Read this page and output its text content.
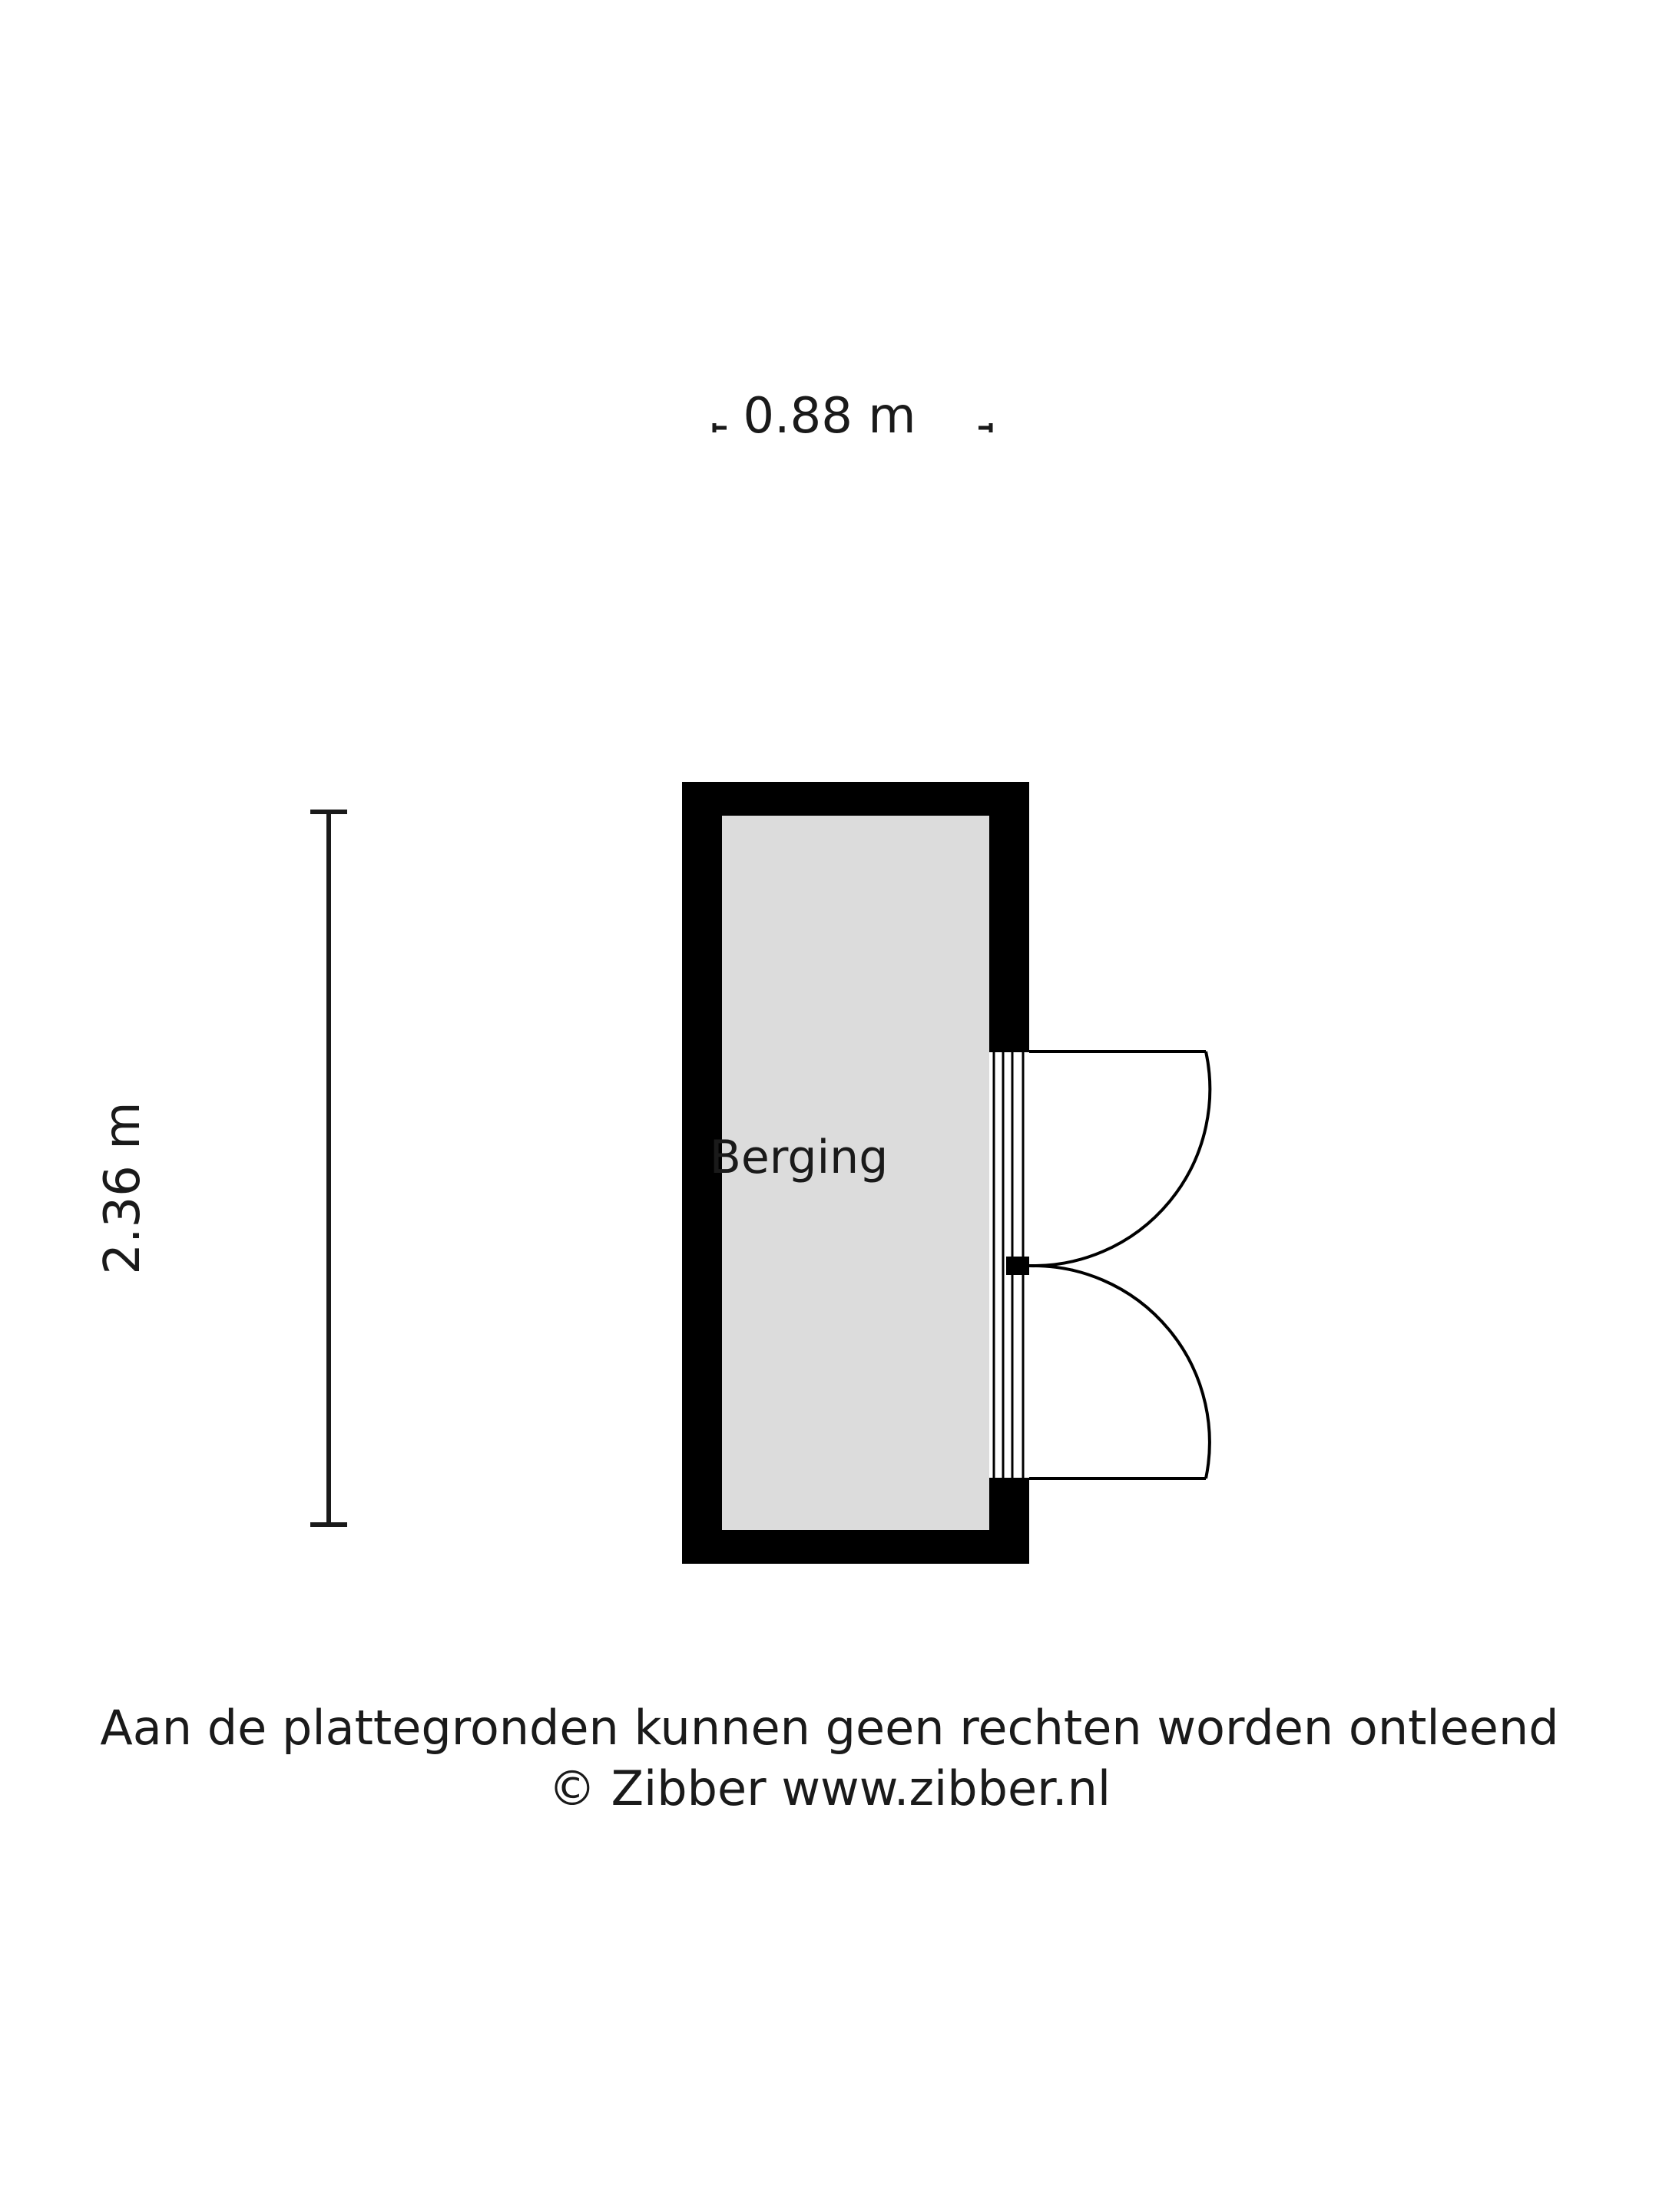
0.88 m
2.36 m	Berging
Aan de plattegronden kunnen geen rechten worden ontleend
© Zibber www.zibber.nl
